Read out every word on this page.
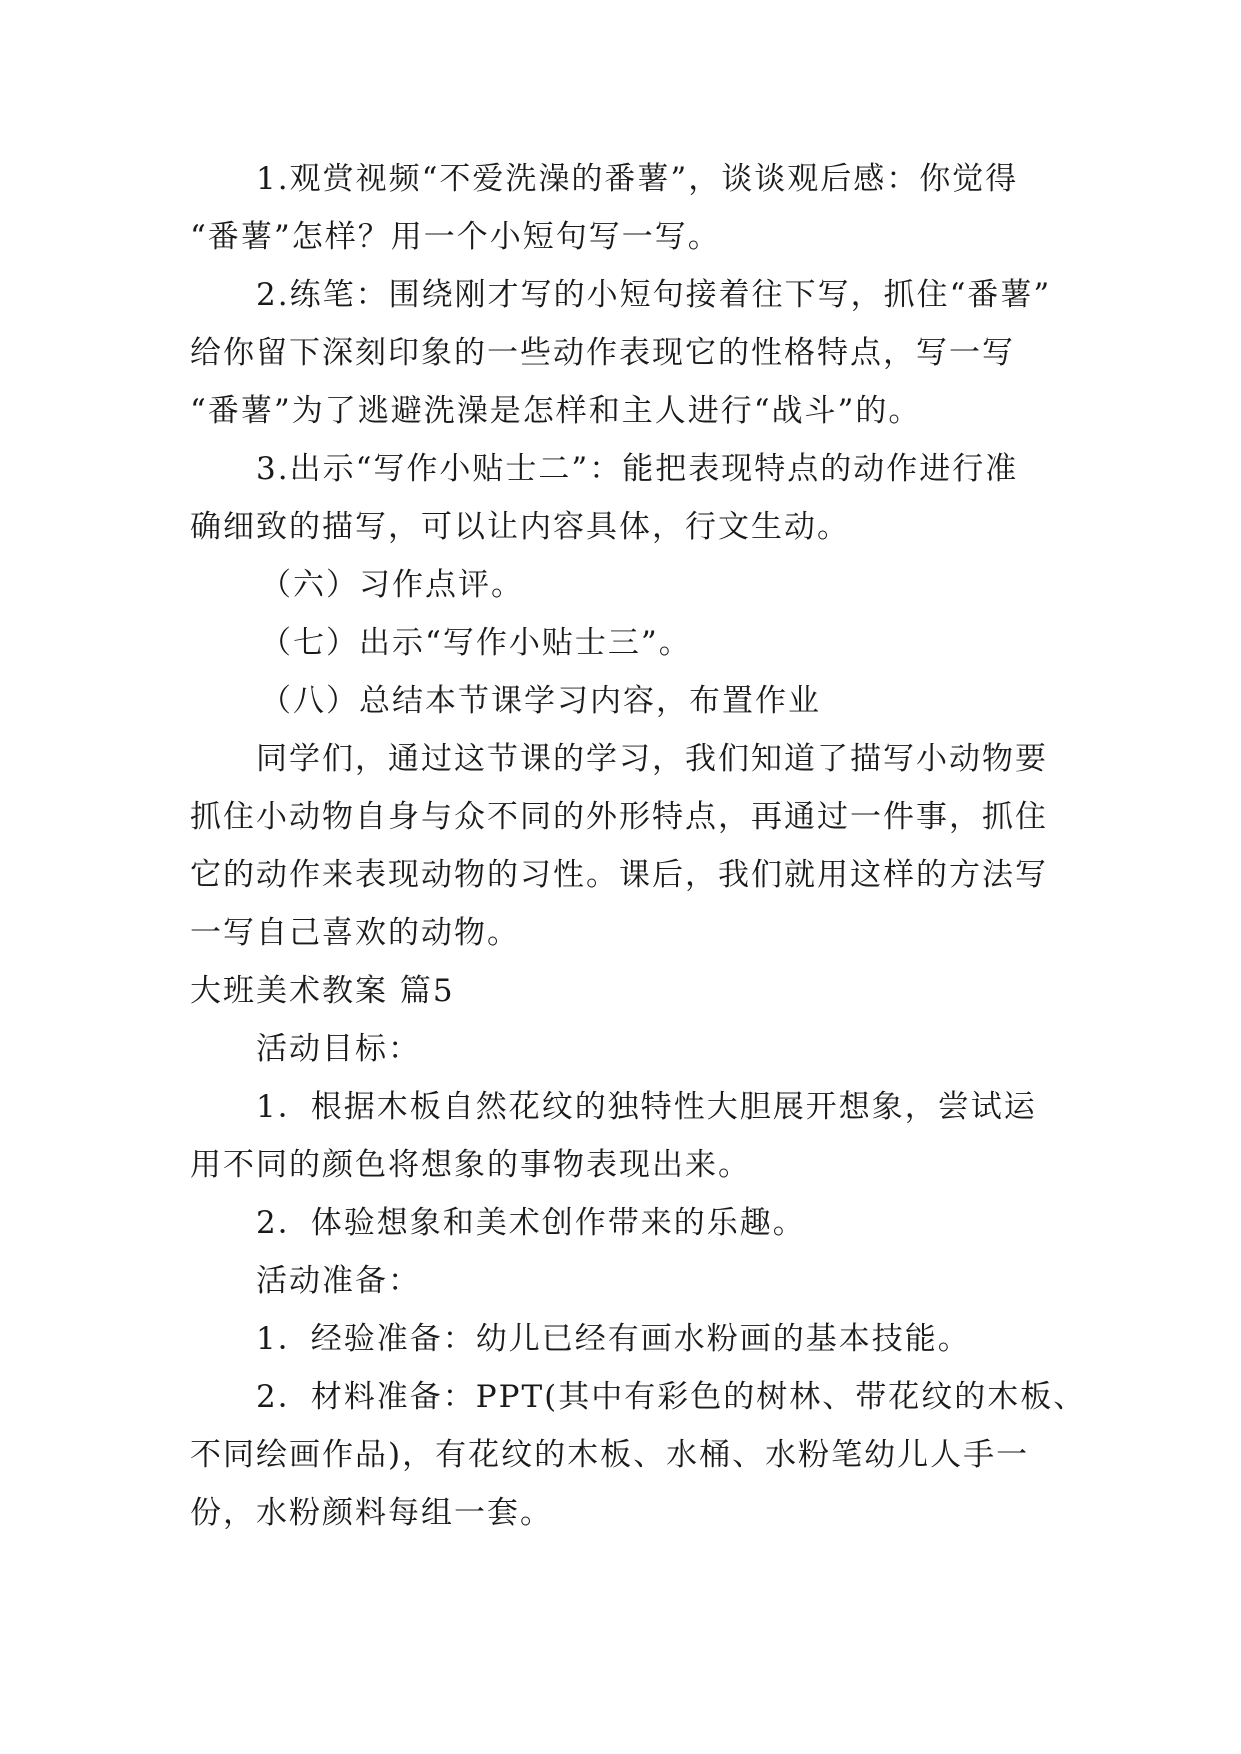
1.观赏视频“不爱洗澡的番薯”，谈谈观后感：你觉得
“番薯”怎样？用一个小短句写一写。
2.练笔：围绕刚才写的小短句接着往下写，抓住“番薯”
给你留下深刻印象的一些动作表现它的性格特点，写一写
“番薯”为了逃避洗澡是怎样和主人进行“战斗”的。
3.出示“写作小贴士二”：能把表现特点的动作进行准
确细致的描写，可以让内容具体，行文生动。
（六）习作点评。
（七）出示“写作小贴士三”。
（八）总结本节课学习内容，布置作业
同学们，通过这节课的学习，我们知道了描写小动物要
抓住小动物自身与众不同的外形特点，再通过一件事，抓住
它的动作来表现动物的习性。课后，我们就用这样的方法写
一写自己喜欢的动物。
大班美术教案 篇5
活动目标：
1．根据木板自然花纹的独特性大胆展开想象，尝试运
用不同的颜色将想象的事物表现出来。
2．体验想象和美术创作带来的乐趣。
活动准备：
1．经验准备：幼儿已经有画水粉画的基本技能。
2．材料准备：PPT(其中有彩色的树林、带花纹的木板、
不同绘画作品)，有花纹的木板、水桶、水粉笔幼儿人手一
份，水粉颜料每组一套。
